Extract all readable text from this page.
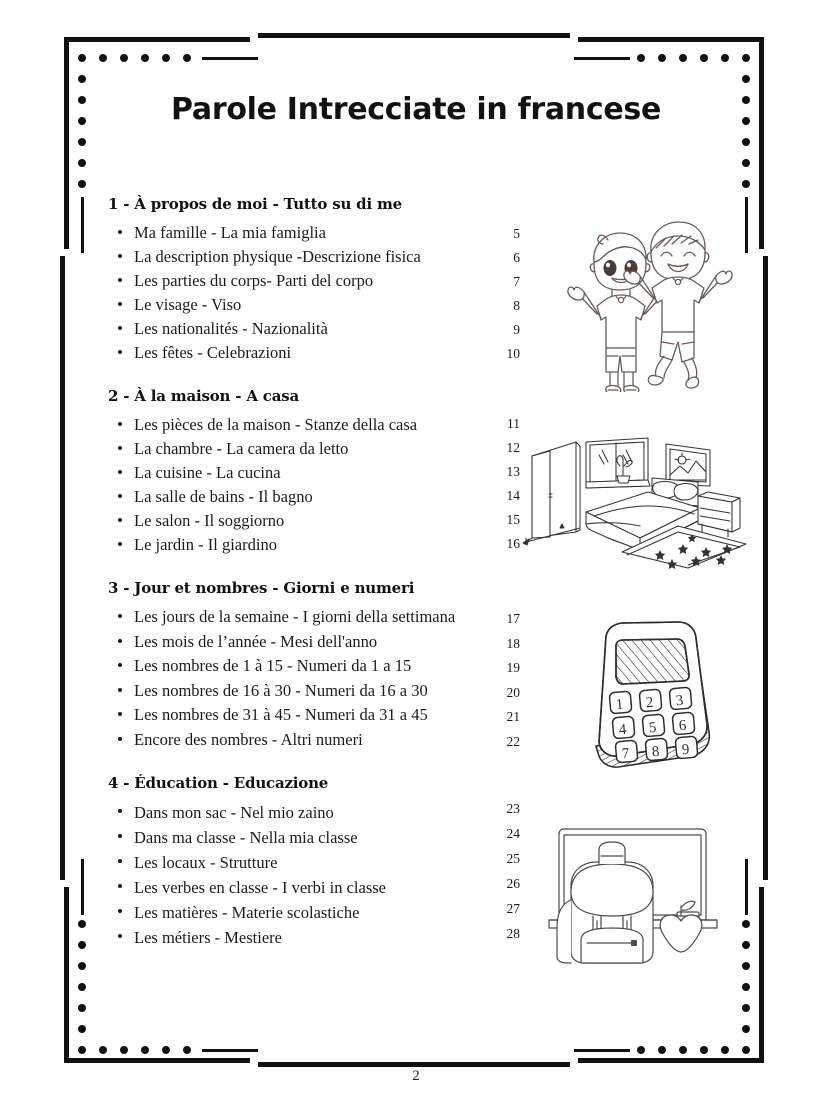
Parole Intrecciate in francese
1 - À propos de moi - Tutto su di me
Ma famille - La mia famiglia	5
La description physique -Descrizione fisica	6
Les parties du corps- Parti del corpo	7
Le visage - Viso	8
Les nationalités - Nazionalità	9
Les fêtes - Celebrazioni	10
2 - À la maison - A casa
Les pièces de la maison - Stanze della casa	11
La chambre - La camera da letto	12
La cuisine - La cucina	13
La salle de bains - Il bagno	14
Le salon - Il soggiorno	15
Le jardin - Il giardino	16
3 - Jour et nombres - Giorni e numeri
Les jours de la semaine - I giorni della settimana	17
Les mois de l’année - Mesi dell'anno	18
Les nombres de 1 à 15 - Numeri da 1 a 15	19
Les nombres de 16 à 30 - Numeri da 16 a 30	20
Les nombres de 31 à 45 - Numeri da 31 a 45	21
Encore des nombres - Altri numeri	22
4 - Éducation - Educazione
Dans mon sac - Nel mio zaino	23
Dans ma classe - Nella mia classe	24
Les locaux - Strutture	25
Les verbes en classe - I verbi in classe	26
Les matières - Materie scolastiche	27
Les métiers - Mestiere	28
1 2 3
4 5 6
7 8 9
2
